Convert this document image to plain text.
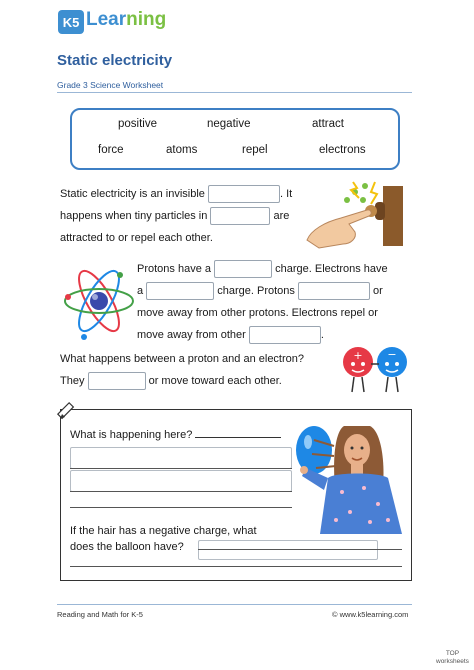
K5 Learning
Static electricity
Grade 3 Science Worksheet
positive	negative	attract
force	atoms	repel	electrons
Static electricity is an invisible	. It
happens when tiny particles in	are
attracted to or repel each other.
Protons have a	charge. Electrons have
a	charge. Protons	or
move away from other protons. Electrons repel or
move away from other	.
What happens between a proton and an electron?
They	or move toward each other.
+ −
What is happening here?
If the hair has a negative charge, what
does the balloon have?
Reading and Math for K-5	© www.k5learning.com
TOP
worksheets
